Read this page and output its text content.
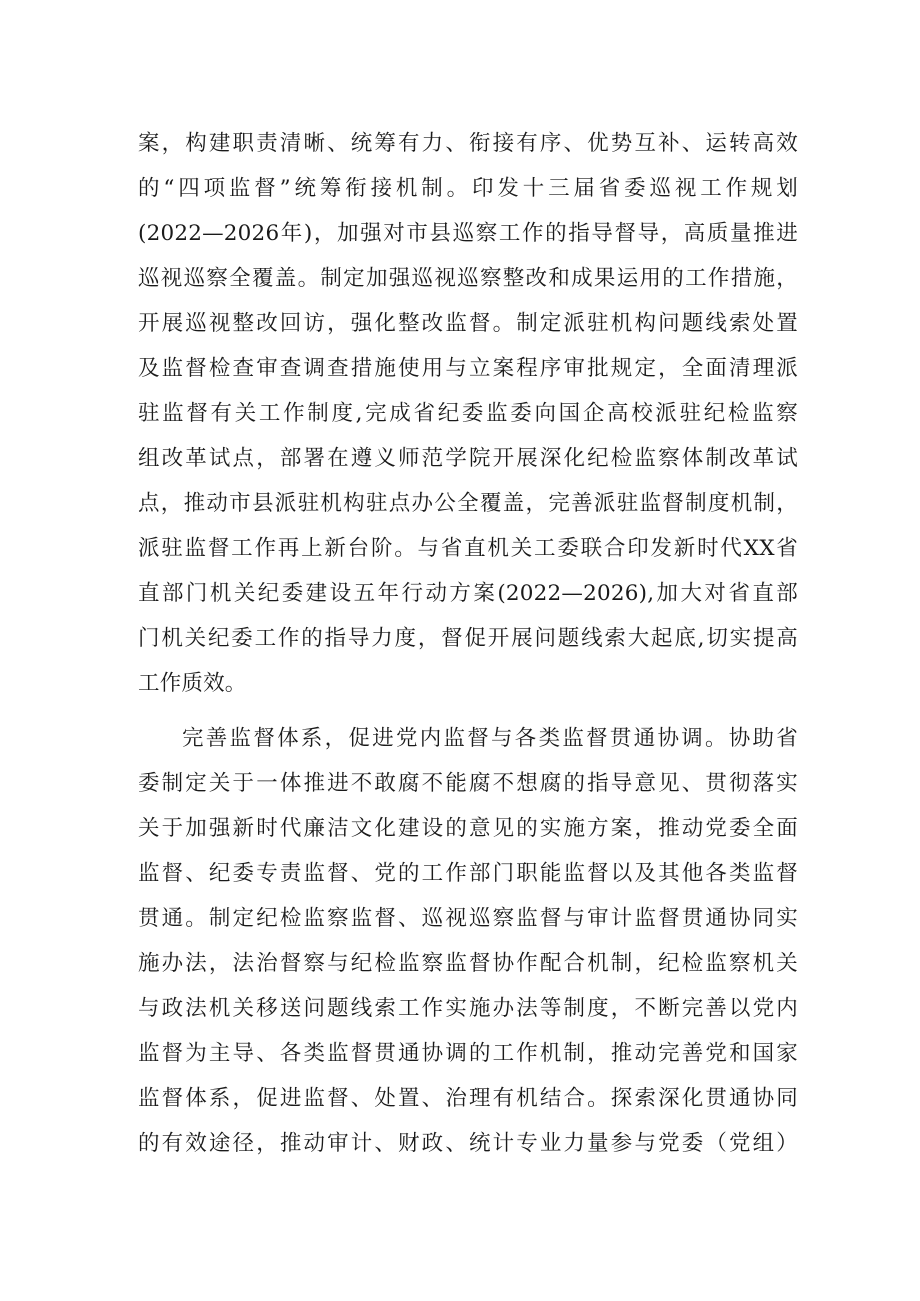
案，构建职责清晰、统筹有力、衔接有序、优势互补、运转高效
的“四项监督”统筹衔接机制。印发十三届省委巡视工作规划
(2022—2026年)，加强对市县巡察工作的指导督导，高质量推进
巡视巡察全覆盖。制定加强巡视巡察整改和成果运用的工作措施，
开展巡视整改回访，强化整改监督。制定派驻机构问题线索处置
及监督检查审查调查措施使用与立案程序审批规定，全面清理派
驻监督有关工作制度,完成省纪委监委向国企高校派驻纪检监察
组改革试点，部署在遵义师范学院开展深化纪检监察体制改革试
点，推动市县派驻机构驻点办公全覆盖，完善派驻监督制度机制，
派驻监督工作再上新台阶。与省直机关工委联合印发新时代XX省
直部门机关纪委建设五年行动方案(2022—2026),加大对省直部
门机关纪委工作的指导力度，督促开展问题线索大起底,切实提高
工作质效。
完善监督体系，促进党内监督与各类监督贯通协调。协助省
委制定关于一体推进不敢腐不能腐不想腐的指导意见、贯彻落实
关于加强新时代廉洁文化建设的意见的实施方案，推动党委全面
监督、纪委专责监督、党的工作部门职能监督以及其他各类监督
贯通。制定纪检监察监督、巡视巡察监督与审计监督贯通协同实
施办法，法治督察与纪检监察监督协作配合机制，纪检监察机关
与政法机关移送问题线索工作实施办法等制度，不断完善以党内
监督为主导、各类监督贯通协调的工作机制，推动完善党和国家
监督体系，促进监督、处置、治理有机结合。探索深化贯通协同
的有效途径，推动审计、财政、统计专业力量参与党委（党组）
